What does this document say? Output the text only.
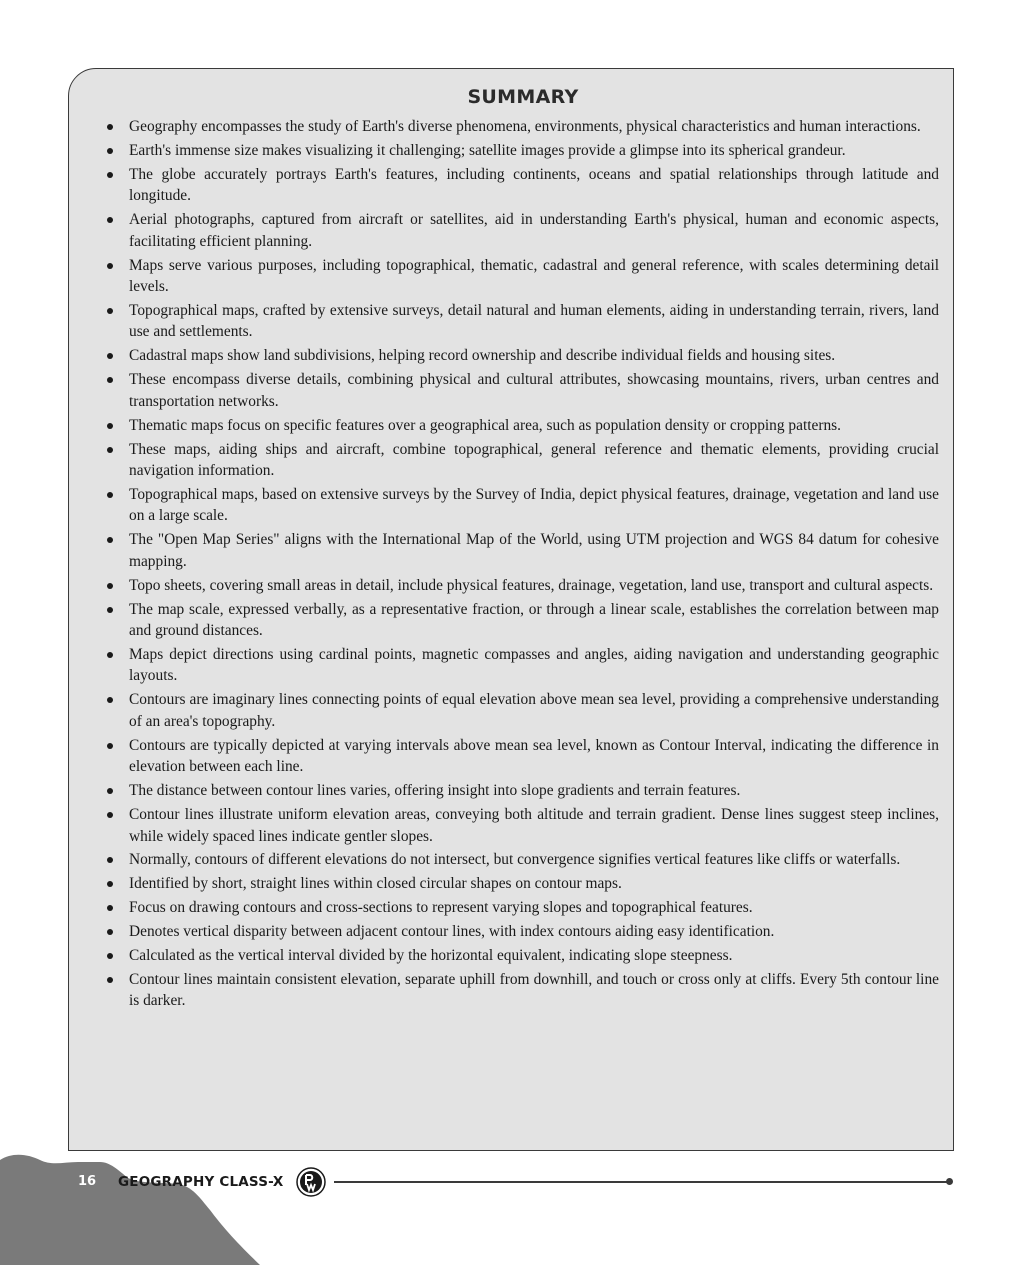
SUMMARY
Geography encompasses the study of Earth's diverse phenomena, environments, physical characteristics and human interactions.
Earth's immense size makes visualizing it challenging; satellite images provide a glimpse into its spherical grandeur.
The globe accurately portrays Earth's features, including continents, oceans and spatial relationships through latitude and longitude.
Aerial photographs, captured from aircraft or satellites, aid in understanding Earth's physical, human and economic aspects, facilitating efficient planning.
Maps serve various purposes, including topographical, thematic, cadastral and general reference, with scales determining detail levels.
Topographical maps, crafted by extensive surveys, detail natural and human elements, aiding in understanding terrain, rivers, land use and settlements.
Cadastral maps show land subdivisions, helping record ownership and describe individual fields and housing sites.
These encompass diverse details, combining physical and cultural attributes, showcasing mountains, rivers, urban centres and transportation networks.
Thematic maps focus on specific features over a geographical area, such as population density or cropping patterns.
These maps, aiding ships and aircraft, combine topographical, general reference and thematic elements, providing crucial navigation information.
Topographical maps, based on extensive surveys by the Survey of India, depict physical features, drainage, vegetation and land use on a large scale.
The "Open Map Series" aligns with the International Map of the World, using UTM projection and WGS 84 datum for cohesive mapping.
Topo sheets, covering small areas in detail, include physical features, drainage, vegetation, land use, transport and cultural aspects.
The map scale, expressed verbally, as a representative fraction, or through a linear scale, establishes the correlation between map and ground distances.
Maps depict directions using cardinal points, magnetic compasses and angles, aiding navigation and understanding geographic layouts.
Contours are imaginary lines connecting points of equal elevation above mean sea level, providing a comprehensive understanding of an area's topography.
Contours are typically depicted at varying intervals above mean sea level, known as Contour Interval, indicating the difference in elevation between each line.
The distance between contour lines varies, offering insight into slope gradients and terrain features.
Contour lines illustrate uniform elevation areas, conveying both altitude and terrain gradient. Dense lines suggest steep inclines, while widely spaced lines indicate gentler slopes.
Normally, contours of different elevations do not intersect, but convergence signifies vertical features like cliffs or waterfalls.
Identified by short, straight lines within closed circular shapes on contour maps.
Focus on drawing contours and cross-sections to represent varying slopes and topographical features.
Denotes vertical disparity between adjacent contour lines, with index contours aiding easy identification.
Calculated as the vertical interval divided by the horizontal equivalent, indicating slope steepness.
Contour lines maintain consistent elevation, separate uphill from downhill, and touch or cross only at cliffs. Every 5th contour line is darker.
16 GEOGRAPHY CLASS-X
